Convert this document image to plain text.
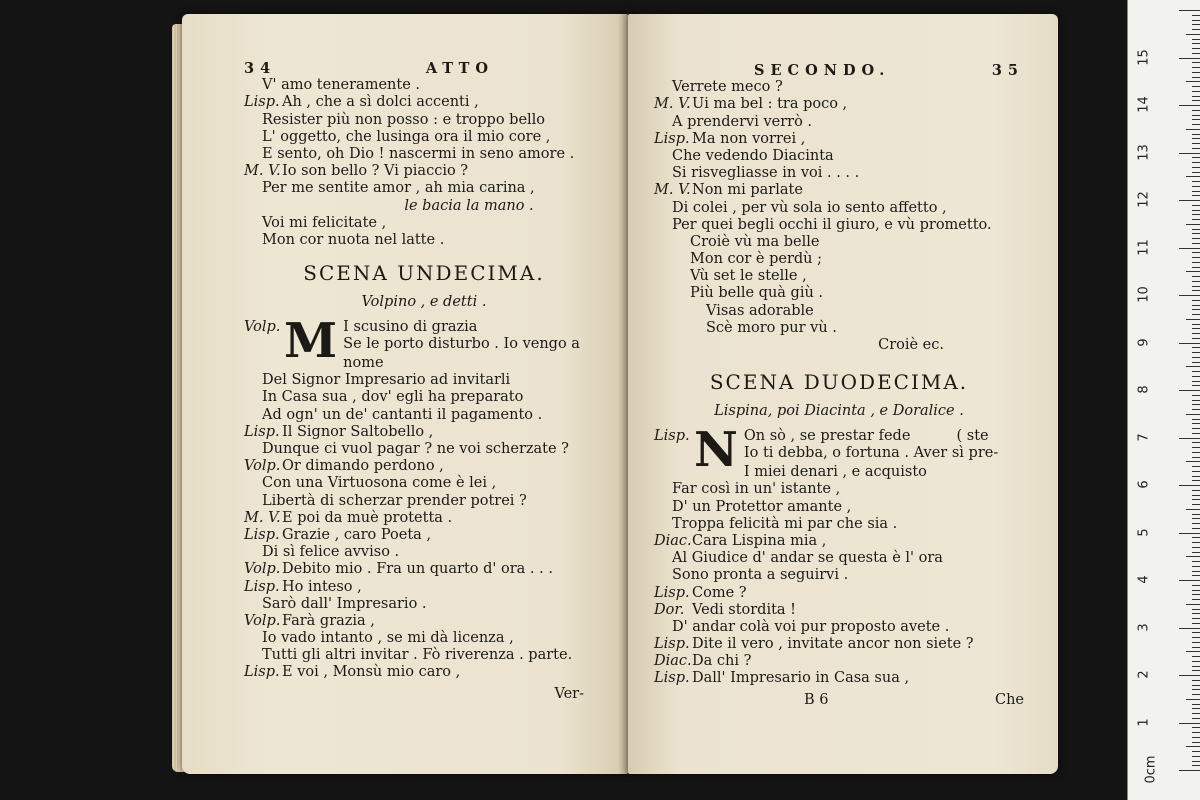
34	ATTO
V' amo teneramente .
Lisp. Ah , che a sì dolci accenti ,
Resister più non posso : e troppo bello
L' oggetto, che lusinga ora il mio core ,
E sento, oh Dio ! nascermi in seno amore .
M. V.Io son bello ? Vi piaccio ?
Per me sentite amor , ah mia carina ,
le bacia la mano .
Voi mi felicitate ,
Mon cor nuota nel latte .
SCENA UNDECIMA.
Volpino , e detti .
Volp. M I scusino di grazia
Se le porto disturbo . Io vengo a
nome
Del Signor Impresario ad invitarli
In Casa sua , dov' egli ha preparato
Ad ogn' un de' cantanti il pagamento .
Lisp. Il Signor Saltobello ,
Dunque ci vuol pagar ? ne voi scherzate ?
Volp. Or dimando perdono ,
Con una Virtuosona come è lei ,
Libertà di scherzar prender potrei ?
M. V.E poi da muè protetta .
Lisp. Grazie , caro Poeta ,
Di sì felice avviso .
Volp. Debito mio . Fra un quarto d' ora . . .
Lisp. Ho inteso ,
Sarò dall' Impresario .
Volp. Farà grazia ,
Io vado intanto , se mi dà licenza ,
Tutti gli altri invitar . Fò riverenza . parte.
Lisp. E voi , Monsù mio caro ,
Ver-
SECONDO.	35
Verrete meco ?
M. V.Ui ma bel : tra poco ,
A prendervi verrò .
Lisp. Ma non vorrei ,
Che vedendo Diacinta
Si risvegliasse in voi . . . .
M. V.Non mi parlate
Di colei , per vù sola io sento affetto ,
Per quei begli occhi il giuro, e vù prometto.
Croiè vù ma belle
Mon cor è perdù ;
Vù set le stelle ,
Più belle quà giù .
Visas adorable
Scè moro pur vù .
Croiè ec.
SCENA DUODECIMA.
Lispina, poi Diacinta , e Doralice .
Lisp. N On sò , se prestar fede          ( ste
Io ti debba, o fortuna . Aver sì pre-
I miei denari , e acquisto
Far così in un' istante ,
D' un Protettor amante ,
Troppa felicità mi par che sia .
Diac.Cara Lispina mia ,
Al Giudice d' andar se questa è l' ora
Sono pronta a seguirvi .
Lisp. Come ?
Dor. Vedi stordita !
D' andar colà voi pur proposto avete .
Lisp. Dite il vero , invitate ancor non siete ?
Diac.Da chi ?
Lisp. Dall' Impresario in Casa sua ,
B 6	Che
0cm
1
2
3
4
5
6
7
8
9
10
11
12
13
14
15
